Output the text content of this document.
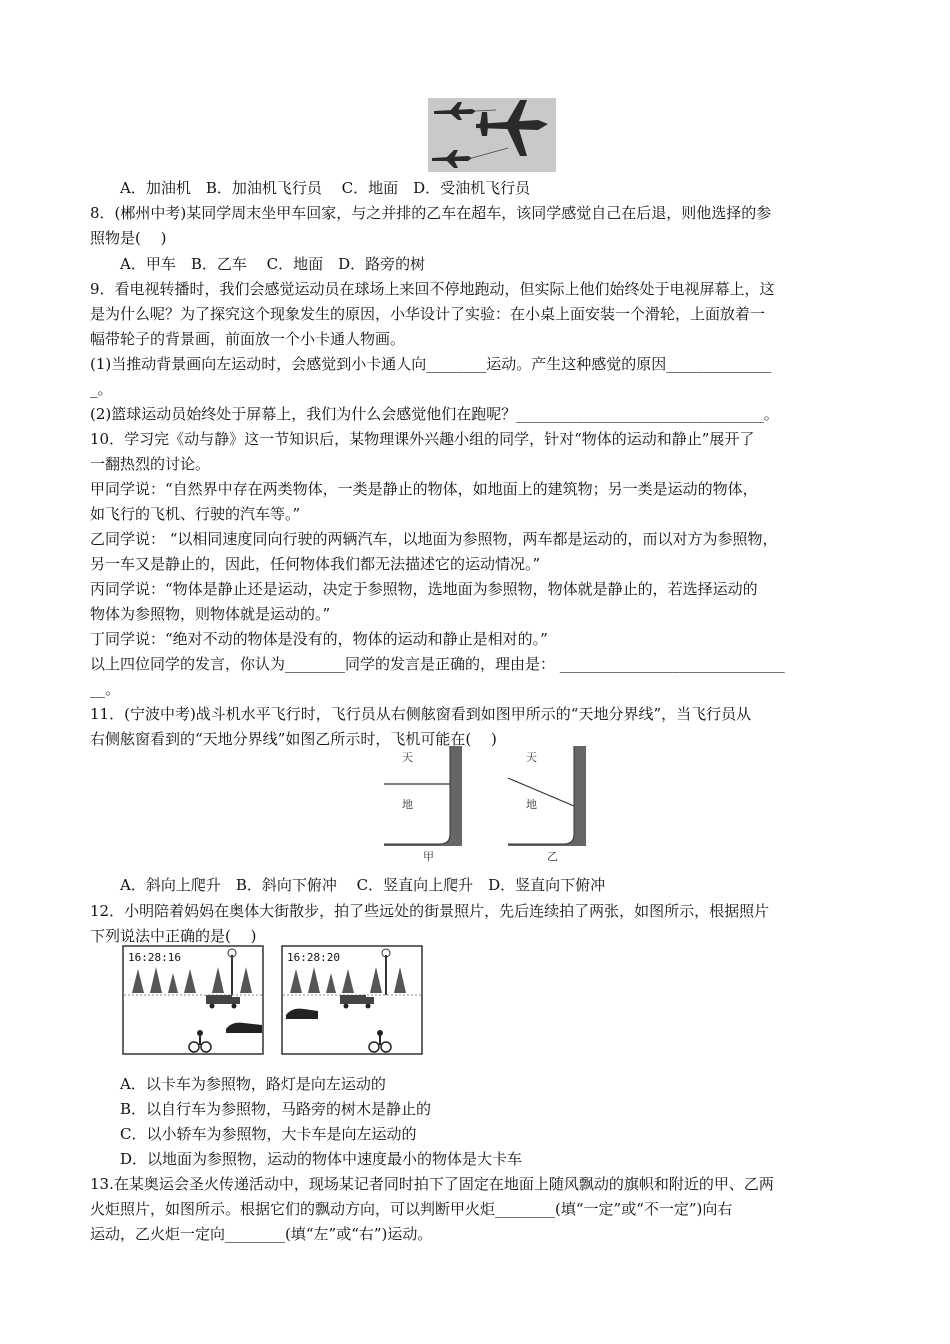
A．加油机　B．加油机飞行员　 C．地面　D．受油机飞行员
8．(郴州中考)某同学周末坐甲车回家，与之并排的乙车在超车，该同学感觉自己在后退，则他选择的参
照物是(　 )
A．甲车　B．乙车　 C．地面　D．路旁的树
9．看电视转播时，我们会感觉运动员在球场上来回不停地跑动，但实际上他们始终处于电视屏幕上，这
是为什么呢？为了探究这个现象发生的原因，小华设计了实验：在小桌上面安装一个滑轮，上面放着一
幅带轮子的背景画，前面放一个小卡通人物画。
(1)当推动背景画向左运动时，会感觉到小卡通人向________运动。产生这种感觉的原因______________
_。
(2)篮球运动员始终处于屏幕上，我们为什么会感觉他们在跑呢？_________________________________。
10．学习完《动与静》这一节知识后，某物理课外兴趣小组的同学，针对“物体的运动和静止”展开了
一翻热烈的讨论。
甲同学说：“自然界中存在两类物体，一类是静止的物体，如地面上的建筑物；另一类是运动的物体，
如飞行的飞机、行驶的汽车等。”
乙同学说： “以相同速度同向行驶的两辆汽车，以地面为参照物，两车都是运动的，而以对方为参照物，
另一车又是静止的，因此，任何物体我们都无法描述它的运动情况。”
丙同学说：“物体是静止还是运动，决定于参照物，选地面为参照物，物体就是静止的，若选择运动的
物体为参照物，则物体就是运动的。”
丁同学说：“绝对不动的物体是没有的，物体的运动和静止是相对的。”
以上四位同学的发言，你认为________同学的发言是正确的，理由是： ______________________________
__。
11．(宁波中考)战斗机水平飞行时，飞行员从右侧舷窗看到如图甲所示的“天地分界线”，当飞行员从
右侧舷窗看到的“天地分界线”如图乙所示时，飞机可能在(　 )
天
地
甲
天
地
乙
A．斜向上爬升　B．斜向下俯冲　 C．竖直向上爬升　D．竖直向下俯冲
12．小明陪着妈妈在奥体大街散步，拍了些远处的街景照片，先后连续拍了两张，如图所示，根据照片
下列说法中正确的是(　 )
16:28:16	16:28:20
A．以卡车为参照物，路灯是向左运动的
B．以自行车为参照物，马路旁的树木是静止的
C．以小轿车为参照物，大卡车是向左运动的
D．以地面为参照物，运动的物体中速度最小的物体是大卡车
13.在某奥运会圣火传递活动中，现场某记者同时拍下了固定在地面上随风飘动的旗帜和附近的甲、乙两
火炬照片，如图所示。根据它们的飘动方向，可以判断甲火炬________(填“一定”或“不一定”)向右
运动，乙火炬一定向________(填“左”或“右”)运动。
